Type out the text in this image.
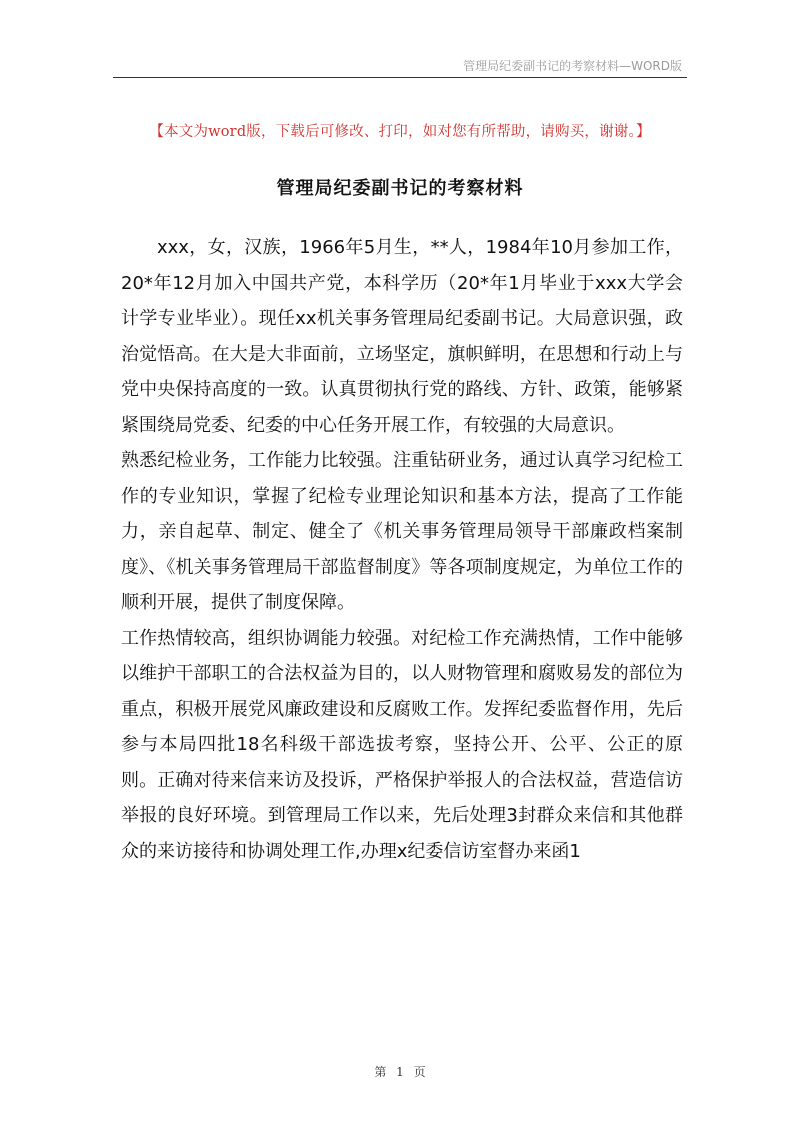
管理局纪委副书记的考察材料—WORD版
【本文为word版，下载后可修改、打印，如对您有所帮助，请购买，谢谢。】
管理局纪委副书记的考察材料

xxx，女，汉族，1966年5月生，**人，1984年10月参加工作，20*年12月加入中国共产党，本科学历（20*年1月毕业于xxx大学会计学专业毕业）。现任xx机关事务管理局纪委副书记。大局意识强，政治觉悟高。在大是大非面前，立场坚定，旗帜鲜明，在思想和行动上与党中央保持高度的一致。认真贯彻执行党的路线、方针、政策，能够紧紧围绕局党委、纪委的中心任务开展工作，有较强的大局意识。

熟悉纪检业务，工作能力比较强。注重钻研业务，通过认真学习纪检工作的专业知识，掌握了纪检专业理论知识和基本方法，提高了工作能力，亲自起草、制定、健全了《机关事务管理局领导干部廉政档案制度》、《机关事务管理局干部监督制度》等各项制度规定，为单位工作的顺利开展，提供了制度保障。

工作热情较高，组织协调能力较强。对纪检工作充满热情，工作中能够以维护干部职工的合法权益为目的，以人财物管理和腐败易发的部位为重点，积极开展党风廉政建设和反腐败工作。发挥纪委监督作用，先后参与本局四批18名科级干部选拔考察，坚持公开、公平、公正的原则。正确对待来信来访及投诉，严格保护举报人的合法权益，营造信访举报的良好环境。到管理局工作以来，先后处理3封群众来信和其他群众的来访接待和协调处理工作,办理x纪委信访室督办来函1

第 1 页
